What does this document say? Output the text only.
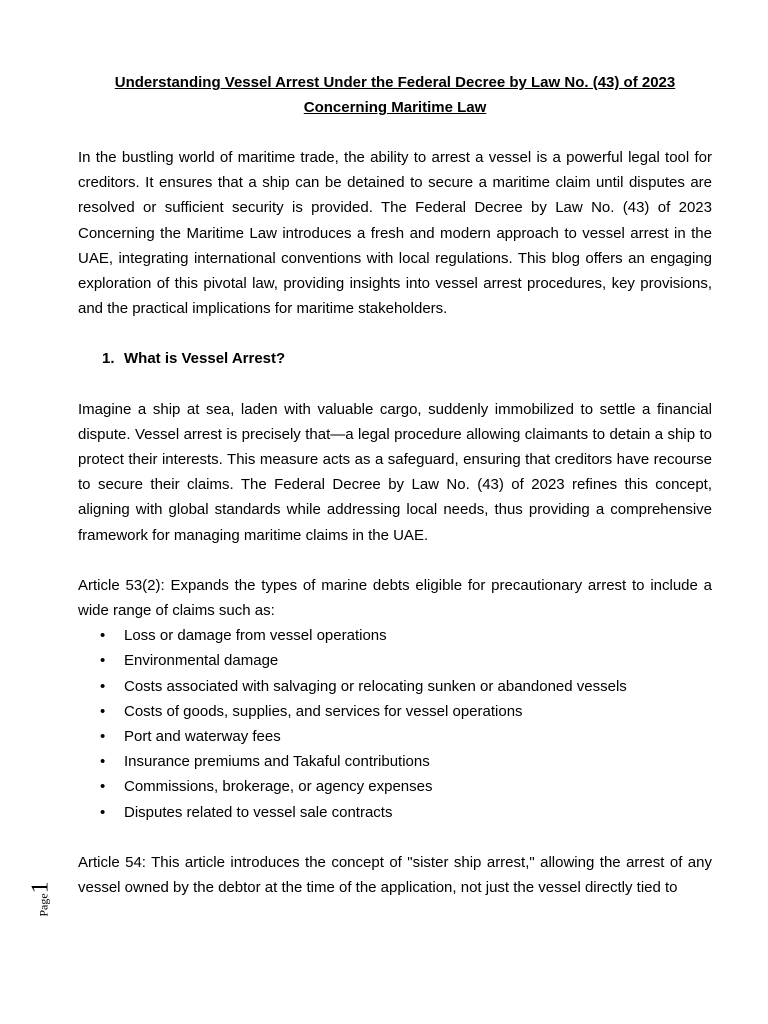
Understanding Vessel Arrest Under the Federal Decree by Law No. (43) of 2023
Concerning Maritime Law

In the bustling world of maritime trade, the ability to arrest a vessel is a powerful legal tool for creditors. It ensures that a ship can be detained to secure a maritime claim until disputes are resolved or sufficient security is provided. The Federal Decree by Law No. (43) of 2023 Concerning the Maritime Law introduces a fresh and modern approach to vessel arrest in the UAE, integrating international conventions with local regulations. This blog offers an engaging exploration of this pivotal law, providing insights into vessel arrest procedures, key provisions, and the practical implications for maritime stakeholders.

1. What is Vessel Arrest?

Imagine a ship at sea, laden with valuable cargo, suddenly immobilized to settle a financial dispute. Vessel arrest is precisely that—a legal procedure allowing claimants to detain a ship to protect their interests. This measure acts as a safeguard, ensuring that creditors have recourse to secure their claims. The Federal Decree by Law No. (43) of 2023 refines this concept, aligning with global standards while addressing local needs, thus providing a comprehensive framework for managing maritime claims in the UAE.

Article 53(2): Expands the types of marine debts eligible for precautionary arrest to include a wide range of claims such as:

• Loss or damage from vessel operations
• Environmental damage
• Costs associated with salvaging or relocating sunken or abandoned vessels
• Costs of goods, supplies, and services for vessel operations
• Port and waterway fees
• Insurance premiums and Takaful contributions
• Commissions, brokerage, or agency expenses
• Disputes related to vessel sale contracts

Article 54: This article introduces the concept of "sister ship arrest," allowing the arrest of any vessel owned by the debtor at the time of the application, not just the vessel directly tied to

Page1
